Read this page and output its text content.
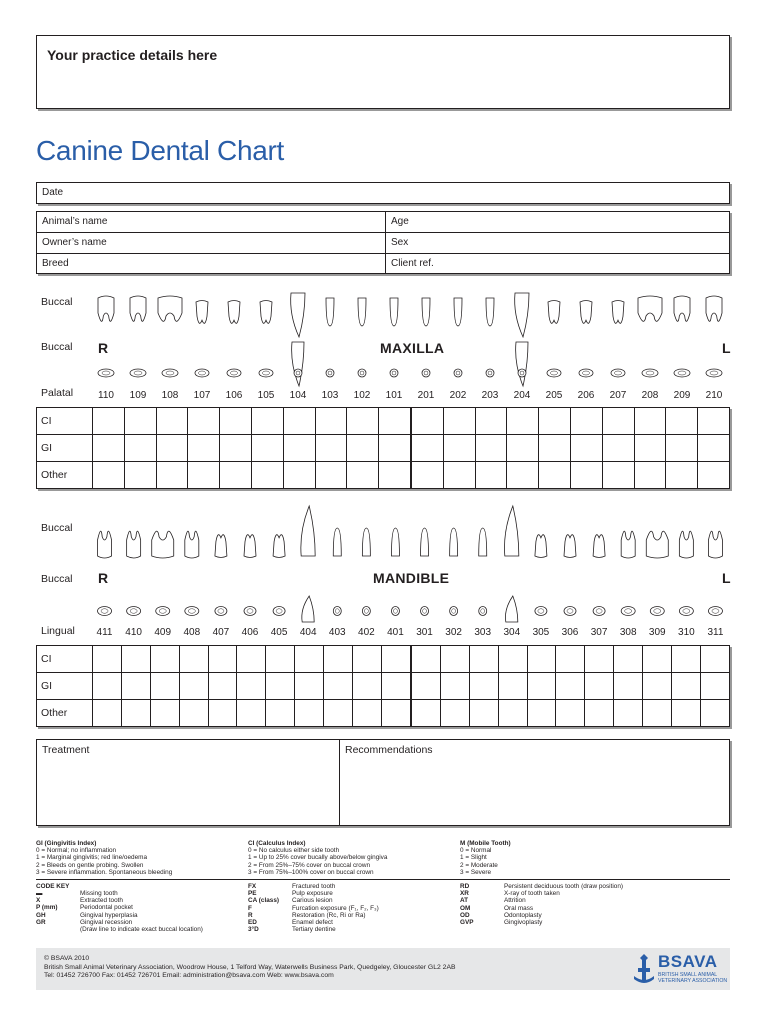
Your practice details here
Canine Dental Chart
Date
Animal’s name	Age
Owner’s name	Sex
Breed	Client ref.
Buccal
Buccal
Palatal
R	L
MAXILLA
110	109	108	107	106	105	104	103	102	101	201	202	203	204	205	206	207	208	209	210
CI																				
GI																				
Other																				
Buccal
Buccal
Lingual
R	L
MANDIBLE
411	410	409	408	407	406	405	404	403	402	401	301	302	303	304	305	306	307	308	309	310	311
CI																						
GI																						
Other																						
Treatment	Recommendations
GI (Gingivitis Index)
0 = Normal; no inflammation
1 = Marginal gingivitis; red line/oedema
2 = Bleeds on gentle probing. Swollen
3 = Severe inflammation. Spontaneous bleeding
CI (Calculus Index)
0 = No calculus either side tooth
1 = Up to 25% cover bucally above/below gingiva
2 = From 25%–75% cover on buccal crown
3 = From 75%–100% cover on buccal crown
M (Mobile Tooth)
0 = Normal
1 = Slight
2 = Moderate
3 = Severe
CODE KEY
▬	Missing tooth
X	Extracted tooth
P (mm)	Periodontal pocket
GH	Gingival hyperplasia
GR	Gingival recession
(Draw line to indicate exact buccal location)
FX	Fractured tooth
PE	Pulp exposure
CA (class) Carious lesion
F	Furcation exposure (F₁, F₂, F₃)
R	Restoration (Rc, Ri or Ra)
ED	Enamel defect
3°D	Tertiary dentine
RD	Persistent deciduous tooth (draw position)
XR	X-ray of tooth taken
AT	Attrition
OM	Oral mass
OD	Odontoplasty
GVP	Gingivoplasty
© BSAVA 2010
British Small Animal Veterinary Association, Woodrow House, 1 Telford Way, Waterwells Business Park, Quedgeley, Gloucester GL2 2AB
Tel: 01452 726700 Fax: 01452 726701 Email: administration@bsava.com Web: www.bsava.com
BSAVA
BRITISH SMALL ANIMAL
VETERINARY ASSOCIATION
